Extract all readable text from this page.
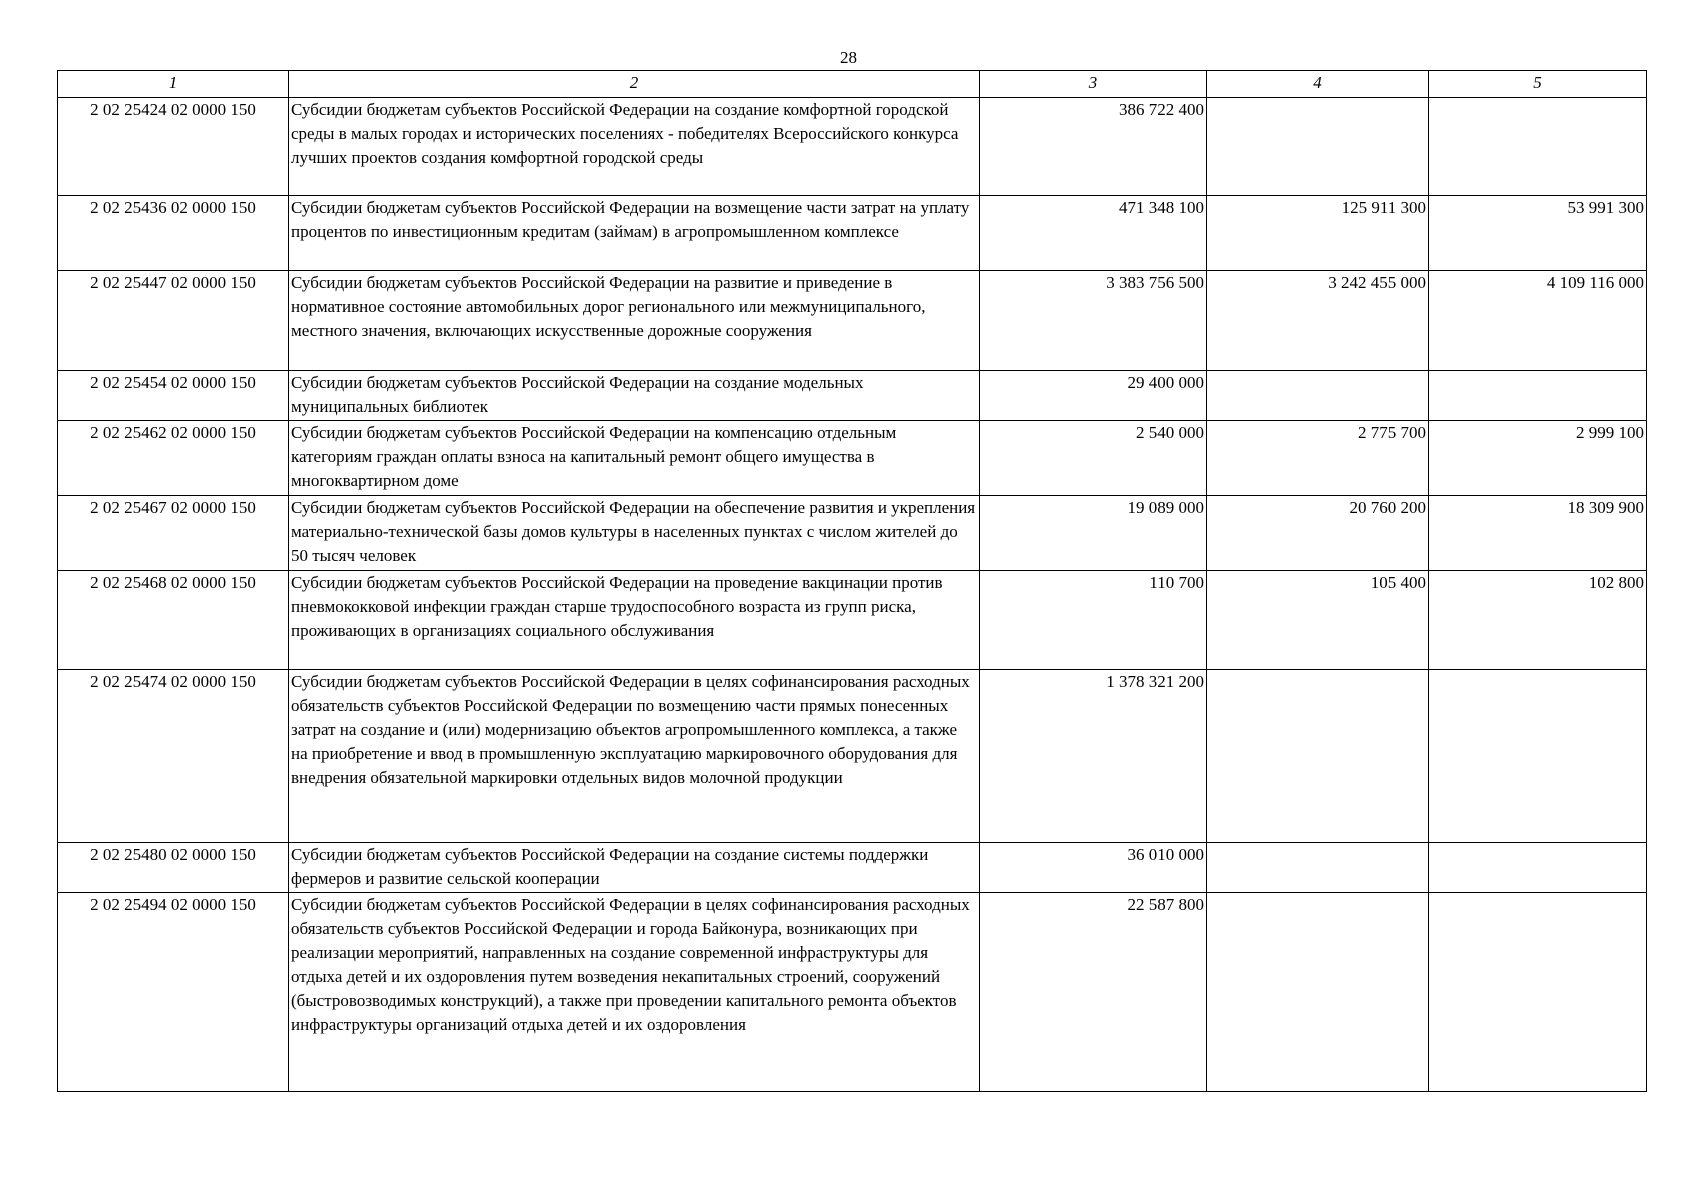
28
1	2	3	4	5
2 02 25424 02 0000 150	Субсидии бюджетам субъектов Российской Федерации на создание комфортной городской среды в малых городах и исторических поселениях - победителях Всероссийского конкурса лучших проектов создания комфортной городской среды	386 722 400		
2 02 25436 02 0000 150	Субсидии бюджетам субъектов Российской Федерации на возмещение части затрат на уплату процентов по инвестиционным кредитам (займам) в агропромышленном комплексе	471 348 100	125 911 300	53 991 300
2 02 25447 02 0000 150	Субсидии бюджетам субъектов Российской Федерации на развитие и приведение в нормативное состояние автомобильных дорог регионального или межмуниципального, местного значения, включающих искусственные дорожные сооружения	3 383 756 500	3 242 455 000	4 109 116 000
2 02 25454 02 0000 150	Субсидии бюджетам субъектов Российской Федерации на создание модельных муниципальных библиотек	29 400 000		
2 02 25462 02 0000 150	Субсидии бюджетам субъектов Российской Федерации на компенсацию отдельным категориям граждан оплаты взноса на капитальный ремонт общего имущества в многоквартирном доме	2 540 000	2 775 700	2 999 100
2 02 25467 02 0000 150	Субсидии бюджетам субъектов Российской Федерации на обеспечение развития и укрепления материально-технической базы домов культуры в населенных пунктах с числом жителей до 50 тысяч человек	19 089 000	20 760 200	18 309 900
2 02 25468 02 0000 150	Субсидии бюджетам субъектов Российской Федерации на проведение вакцинации против пневмококковой инфекции граждан старше трудоспособного возраста из групп риска, проживающих в организациях социального обслуживания	110 700	105 400	102 800
2 02 25474 02 0000 150	Субсидии бюджетам субъектов Российской Федерации в целях софинансирования расходных обязательств субъектов Российской Федерации по возмещению части прямых понесенных затрат на создание и (или) модернизацию объектов агропромышленного комплекса, а также на приобретение и ввод в промышленную эксплуатацию маркировочного оборудования для внедрения обязательной маркировки отдельных видов молочной продукции	1 378 321 200		
2 02 25480 02 0000 150	Субсидии бюджетам субъектов Российской Федерации на создание системы поддержки фермеров и развитие сельской кооперации	36 010 000		
2 02 25494 02 0000 150	Субсидии бюджетам субъектов Российской Федерации в целях софинансирования расходных обязательств субъектов Российской Федерации и города Байконура, возникающих при реализации мероприятий, направленных на создание современной инфраструктуры для отдыха детей и их оздоровления путем возведения некапитальных строений, сооружений (быстровозводимых конструкций), а также при проведении капитального ремонта объектов инфраструктуры организаций отдыха детей и их оздоровления	22 587 800		
